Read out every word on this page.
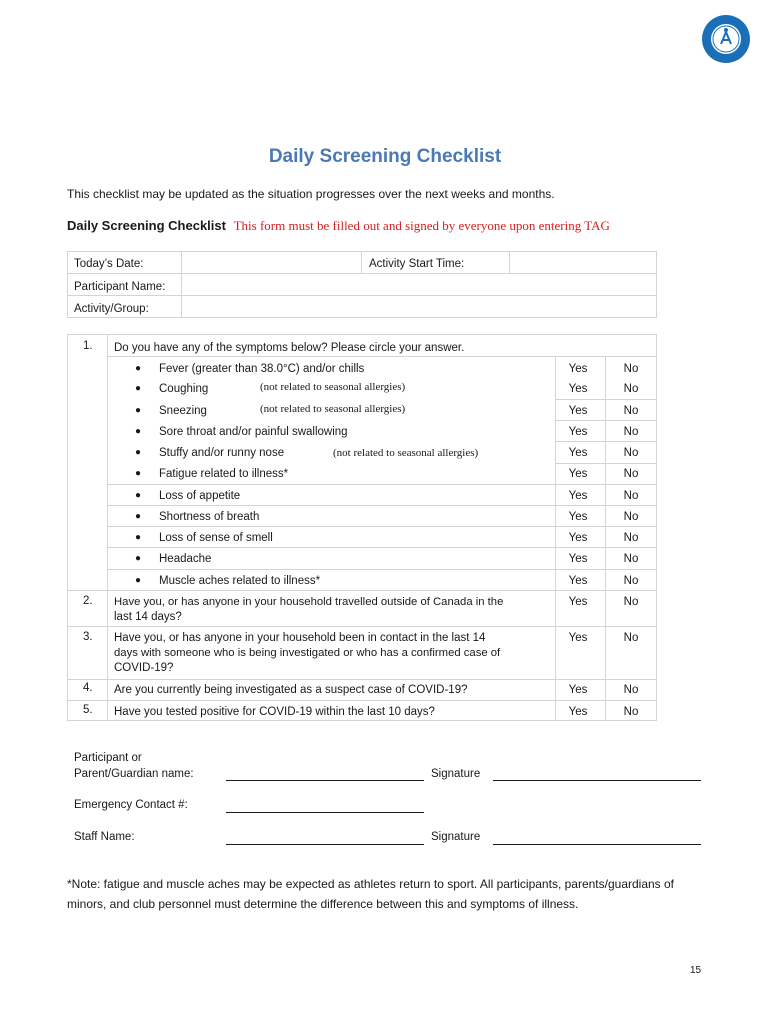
Daily Screening Checklist
This checklist may be updated as the situation progresses over the next weeks and months.
Daily Screening Checklist This form must be filled out and signed by everyone upon entering TAG
Today’s Date:	Activity Start Time:
Participant Name:
Activity/Group:
1. Do you have any of the symptoms below? Please circle your answer.
● Fever (greater than 38.0°C) and/or chills	Yes	No
● Coughing	(not related to seasonal allergies)	Yes	No
● Sneezing	(not related to seasonal allergies)	Yes	No
● Sore throat and/or painful swallowing	Yes	No
● Stuffy and/or runny nose	(not related to seasonal allergies)	Yes	No
● Fatigue related to illness*	Yes	No
● Loss of appetite	Yes	No
● Shortness of breath	Yes	No
● Loss of sense of smell	Yes	No
● Headache	Yes	No
● Muscle aches related to illness*	Yes	No
2. Have you, or has anyone in your household travelled outside of Canada in the
last 14 days?
Yes	No
3. Have you, or has anyone in your household been in contact in the last 14
days with someone who is being investigated or who has a confirmed case of
COVID-19?
Yes	No
4. Are you currently being investigated as a suspect case of COVID-19?	Yes	No
5. Have you tested positive for COVID-19 within the last 10 days?	Yes	No
Participant or
Parent/Guardian name:	Signature
Emergency Contact #:
Staff Name:	Signature
*Note: fatigue and muscle aches may be expected as athletes return to sport. All participants, parents/guardians of minors, and club personnel must determine the difference between this and symptoms of illness.
15
